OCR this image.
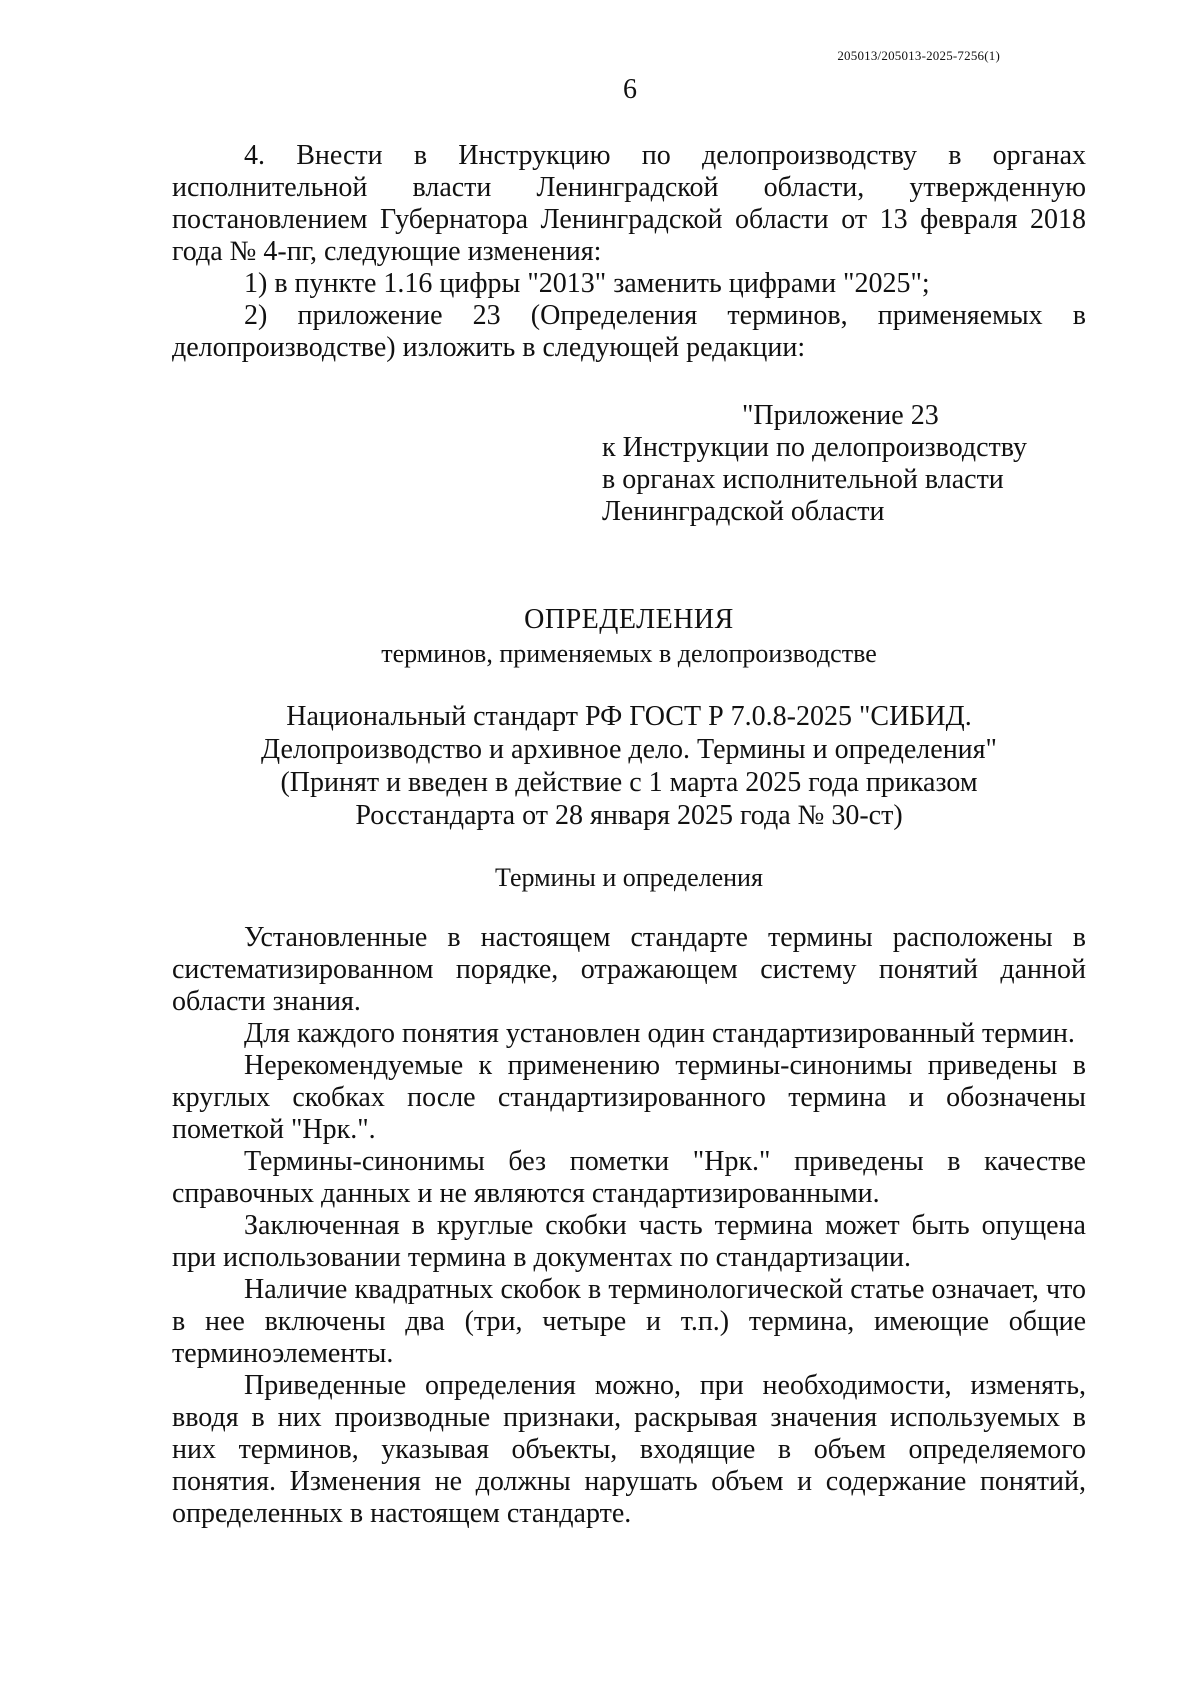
205013/205013-2025-7256(1)
6

4. Внести в Инструкцию по делопроизводству в органах исполнительной власти Ленинградской области, утвержденную постановлением Губернатора Ленинградской области от 13 февраля 2018 года № 4-пг, следующие изменения:

1) в пункте 1.16 цифры "2013" заменить цифрами "2025";

2) приложение 23 (Определения терминов, применяемых в делопроизводстве) изложить в следующей редакции:

"Приложение 23
к Инструкции по делопроизводству
в органах исполнительной власти
Ленинградской области
ОПРЕДЕЛЕНИЯ
терминов, применяемых в делопроизводстве
Национальный стандарт РФ ГОСТ Р 7.0.8-2025 "СИБИД.
Делопроизводство и архивное дело. Термины и определения"
(Принят и введен в действие с 1 марта 2025 года приказом
Росстандарта от 28 января 2025 года № 30-ст)
Термины и определения

Установленные в настоящем стандарте термины расположены в систематизированном порядке, отражающем систему понятий данной области знания.

Для каждого понятия установлен один стандартизированный термин.

Нерекомендуемые к применению термины-синонимы приведены в круглых скобках после стандартизированного термина и обозначены пометкой "Нрк.".

Термины-синонимы без пометки "Нрк." приведены в качестве справочных данных и не являются стандартизированными.

Заключенная в круглые скобки часть термина может быть опущена при использовании термина в документах по стандартизации.

Наличие квадратных скобок в терминологической статье означает, что в нее включены два (три, четыре и т.п.) термина, имеющие общие терминоэлементы.

Приведенные определения можно, при необходимости, изменять, вводя в них производные признаки, раскрывая значения используемых в них терминов, указывая объекты, входящие в объем определяемого понятия. Изменения не должны нарушать объем и содержание понятий, определенных в настоящем стандарте.
